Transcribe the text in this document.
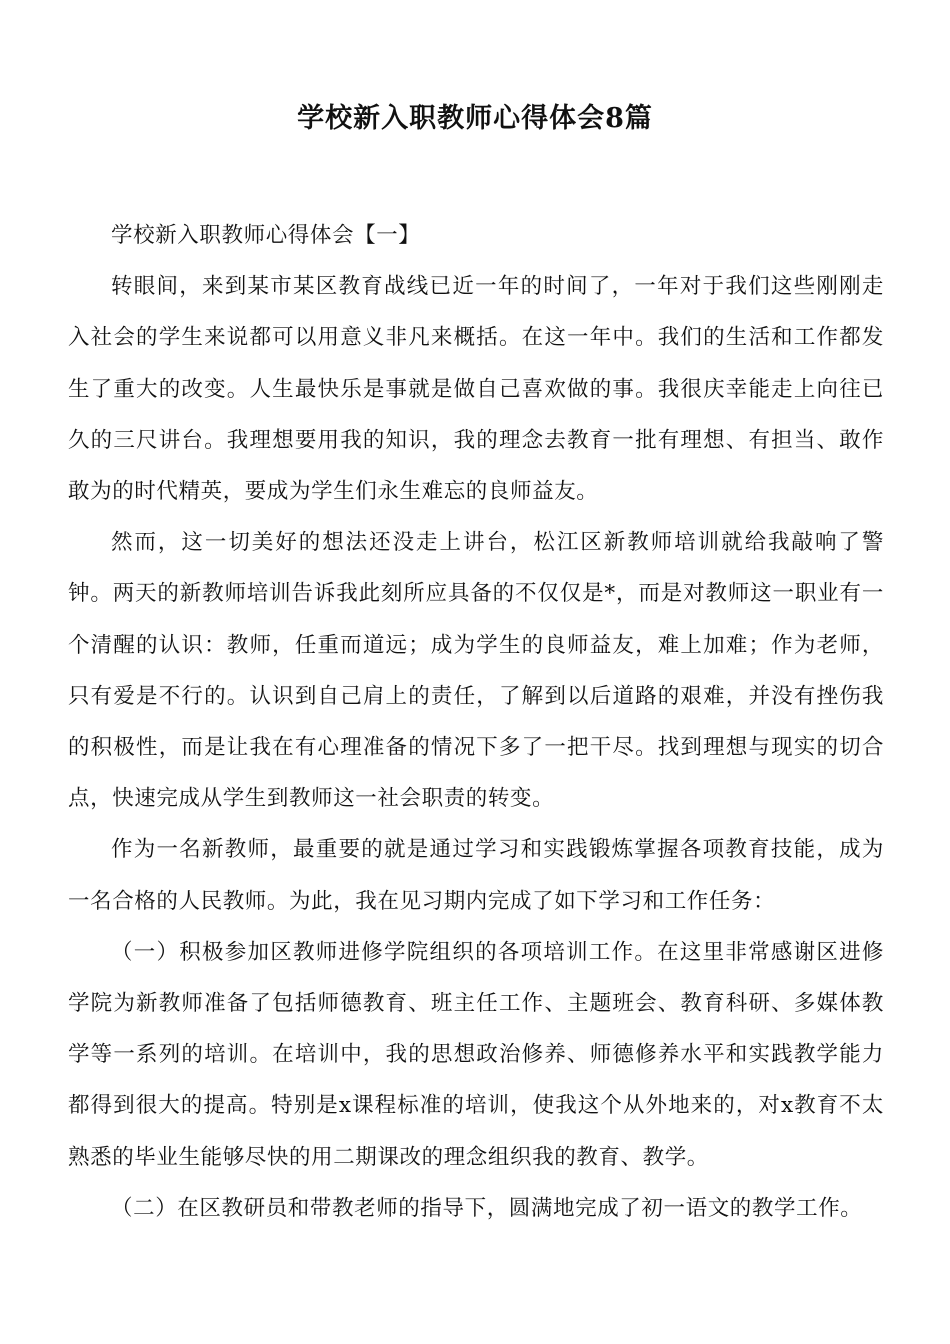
学校新入职教师心得体会8篇

学校新入职教师心得体会【一】

转眼间，来到某市某区教育战线已近一年的时间了，一年对于我们这些刚刚走入社会的学生来说都可以用意义非凡来概括。在这一年中。我们的生活和工作都发生了重大的改变。人生最快乐是事就是做自己喜欢做的事。我很庆幸能走上向往已久的三尺讲台。我理想要用我的知识，我的理念去教育一批有理想、有担当、敢作敢为的时代精英，要成为学生们永生难忘的良师益友。

然而，这一切美好的想法还没走上讲台，松江区新教师培训就给我敲响了警钟。两天的新教师培训告诉我此刻所应具备的不仅仅是*，而是对教师这一职业有一个清醒的认识：教师，任重而道远；成为学生的良师益友，难上加难；作为老师，只有爱是不行的。认识到自己肩上的责任，了解到以后道路的艰难，并没有挫伤我的积极性，而是让我在有心理准备的情况下多了一把干尽。找到理想与现实的切合点，快速完成从学生到教师这一社会职责的转变。

作为一名新教师，最重要的就是通过学习和实践锻炼掌握各项教育技能，成为一名合格的人民教师。为此，我在见习期内完成了如下学习和工作任务：

（一）积极参加区教师进修学院组织的各项培训工作。在这里非常感谢区进修学院为新教师准备了包括师德教育、班主任工作、主题班会、教育科研、多媒体教学等一系列的培训。在培训中，我的思想政治修养、师德修养水平和实践教学能力都得到很大的提高。特别是x课程标准的培训，使我这个从外地来的，对x教育不太熟悉的毕业生能够尽快的用二期课改的理念组织我的教育、教学。

（二）在区教研员和带教老师的指导下，圆满地完成了初一语文的教学工作。
